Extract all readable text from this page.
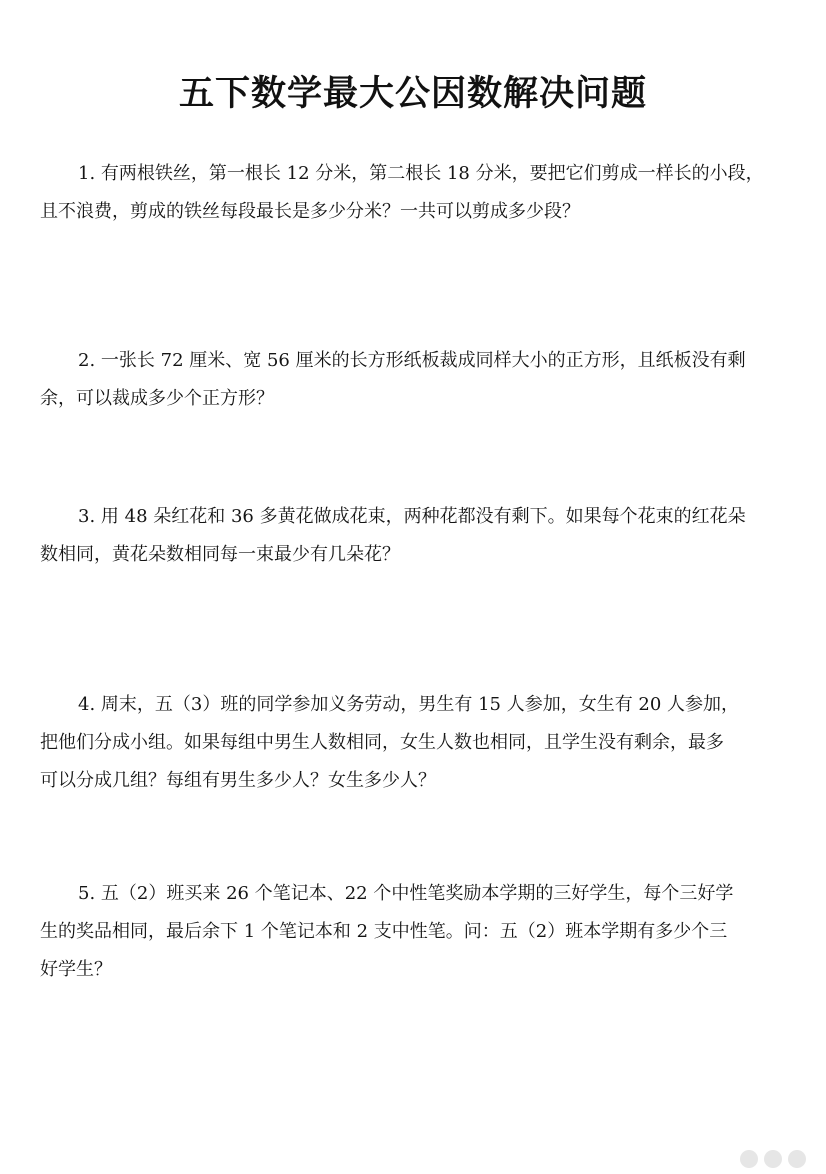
五下数学最大公因数解决问题
1. 有两根铁丝，第一根长 12 分米，第二根长 18 分米，要把它们剪成一样长的小段，
且不浪费，剪成的铁丝每段最长是多少分米？一共可以剪成多少段？
2. 一张长 72 厘米、宽 56 厘米的长方形纸板裁成同样大小的正方形，且纸板没有剩
余，可以裁成多少个正方形？
3. 用 48 朵红花和 36 多黄花做成花束，两种花都没有剩下。如果每个花束的红花朵
数相同，黄花朵数相同每一束最少有几朵花？
4. 周末，五（3）班的同学参加义务劳动，男生有 15 人参加，女生有 20 人参加，
把他们分成小组。如果每组中男生人数相同，女生人数也相同，且学生没有剩余，最多
可以分成几组？每组有男生多少人？女生多少人？
5. 五（2）班买来 26 个笔记本、22 个中性笔奖励本学期的三好学生，每个三好学
生的奖品相同，最后余下 1 个笔记本和 2 支中性笔。问：五（2）班本学期有多少个三
好学生？
